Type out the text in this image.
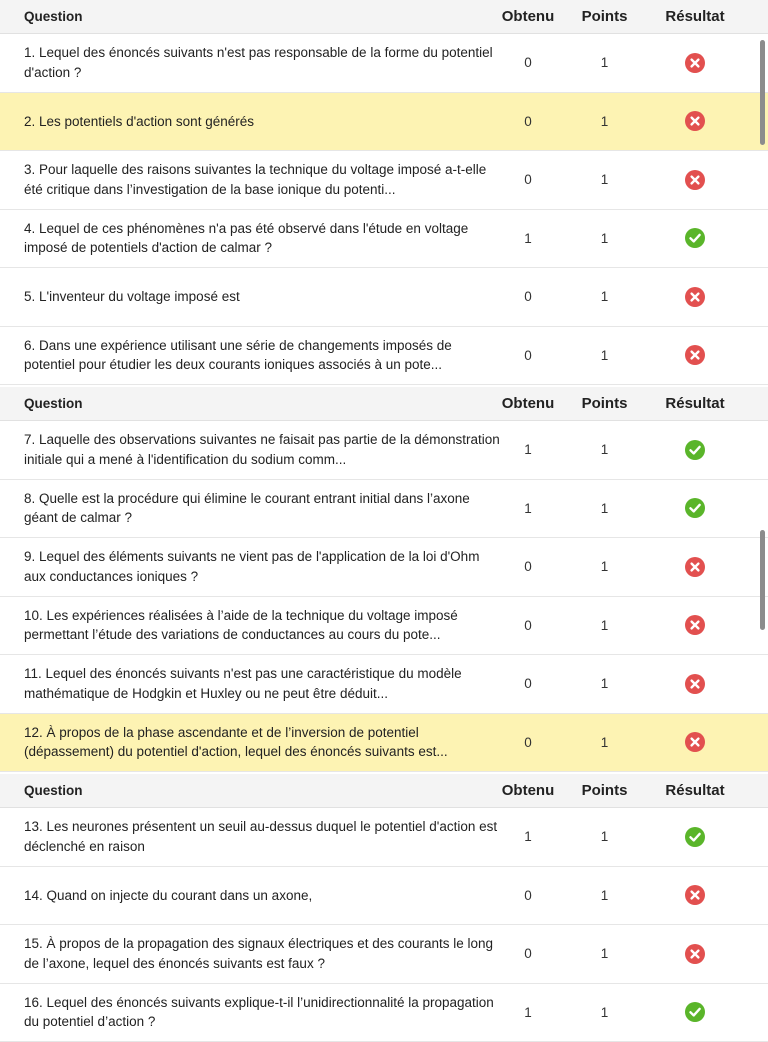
Question	Obtenu	Points	Résultat
1. Lequel des énoncés suivants n'est pas responsable de la forme du potentiel d'action ?
0	1
2. Les potentiels d'action sont générés	0	1
3. Pour laquelle des raisons suivantes la technique du voltage imposé a-t-elle été critique dans l’investigation de la base ionique du potenti...
0	1
4. Lequel de ces phénomènes n'a pas été observé dans l'étude en voltage imposé de potentiels d'action de calmar ?
1	1
5. L'inventeur du voltage imposé est	0	1
6. Dans une expérience utilisant une série de changements imposés de potentiel pour étudier les deux courants ioniques associés à un pote...
0	1
Question	Obtenu	Points	Résultat
7. Laquelle des observations suivantes ne faisait pas partie de la démonstration initiale qui a mené à l'identification du sodium comm...
1	1
8. Quelle est la procédure qui élimine le courant entrant initial dans l’axone géant de calmar ?
1	1
9. Lequel des éléments suivants ne vient pas de l'application de la loi d'Ohm aux conductances ioniques ?
0	1
10. Les expériences réalisées à l’aide de la technique du voltage imposé permettant l’étude des variations de conductances au cours du pote...
0	1
11. Lequel des énoncés suivants n'est pas une caractéristique du modèle mathématique de Hodgkin et Huxley ou ne peut être déduit...
0	1
12. À propos de la phase ascendante et de l’inversion de potentiel (dépassement) du potentiel d'action, lequel des énoncés suivants est...
0	1
Question	Obtenu	Points	Résultat
13. Les neurones présentent un seuil au-dessus duquel le potentiel d'action est déclenché en raison
1	1
14. Quand on injecte du courant dans un axone,	0	1
15. À propos de la propagation des signaux électriques et des courants le long de l’axone, lequel des énoncés suivants est faux ?
0	1
16. Lequel des énoncés suivants explique-t-il l’unidirectionnalité la propagation du potentiel d’action ?
1	1
